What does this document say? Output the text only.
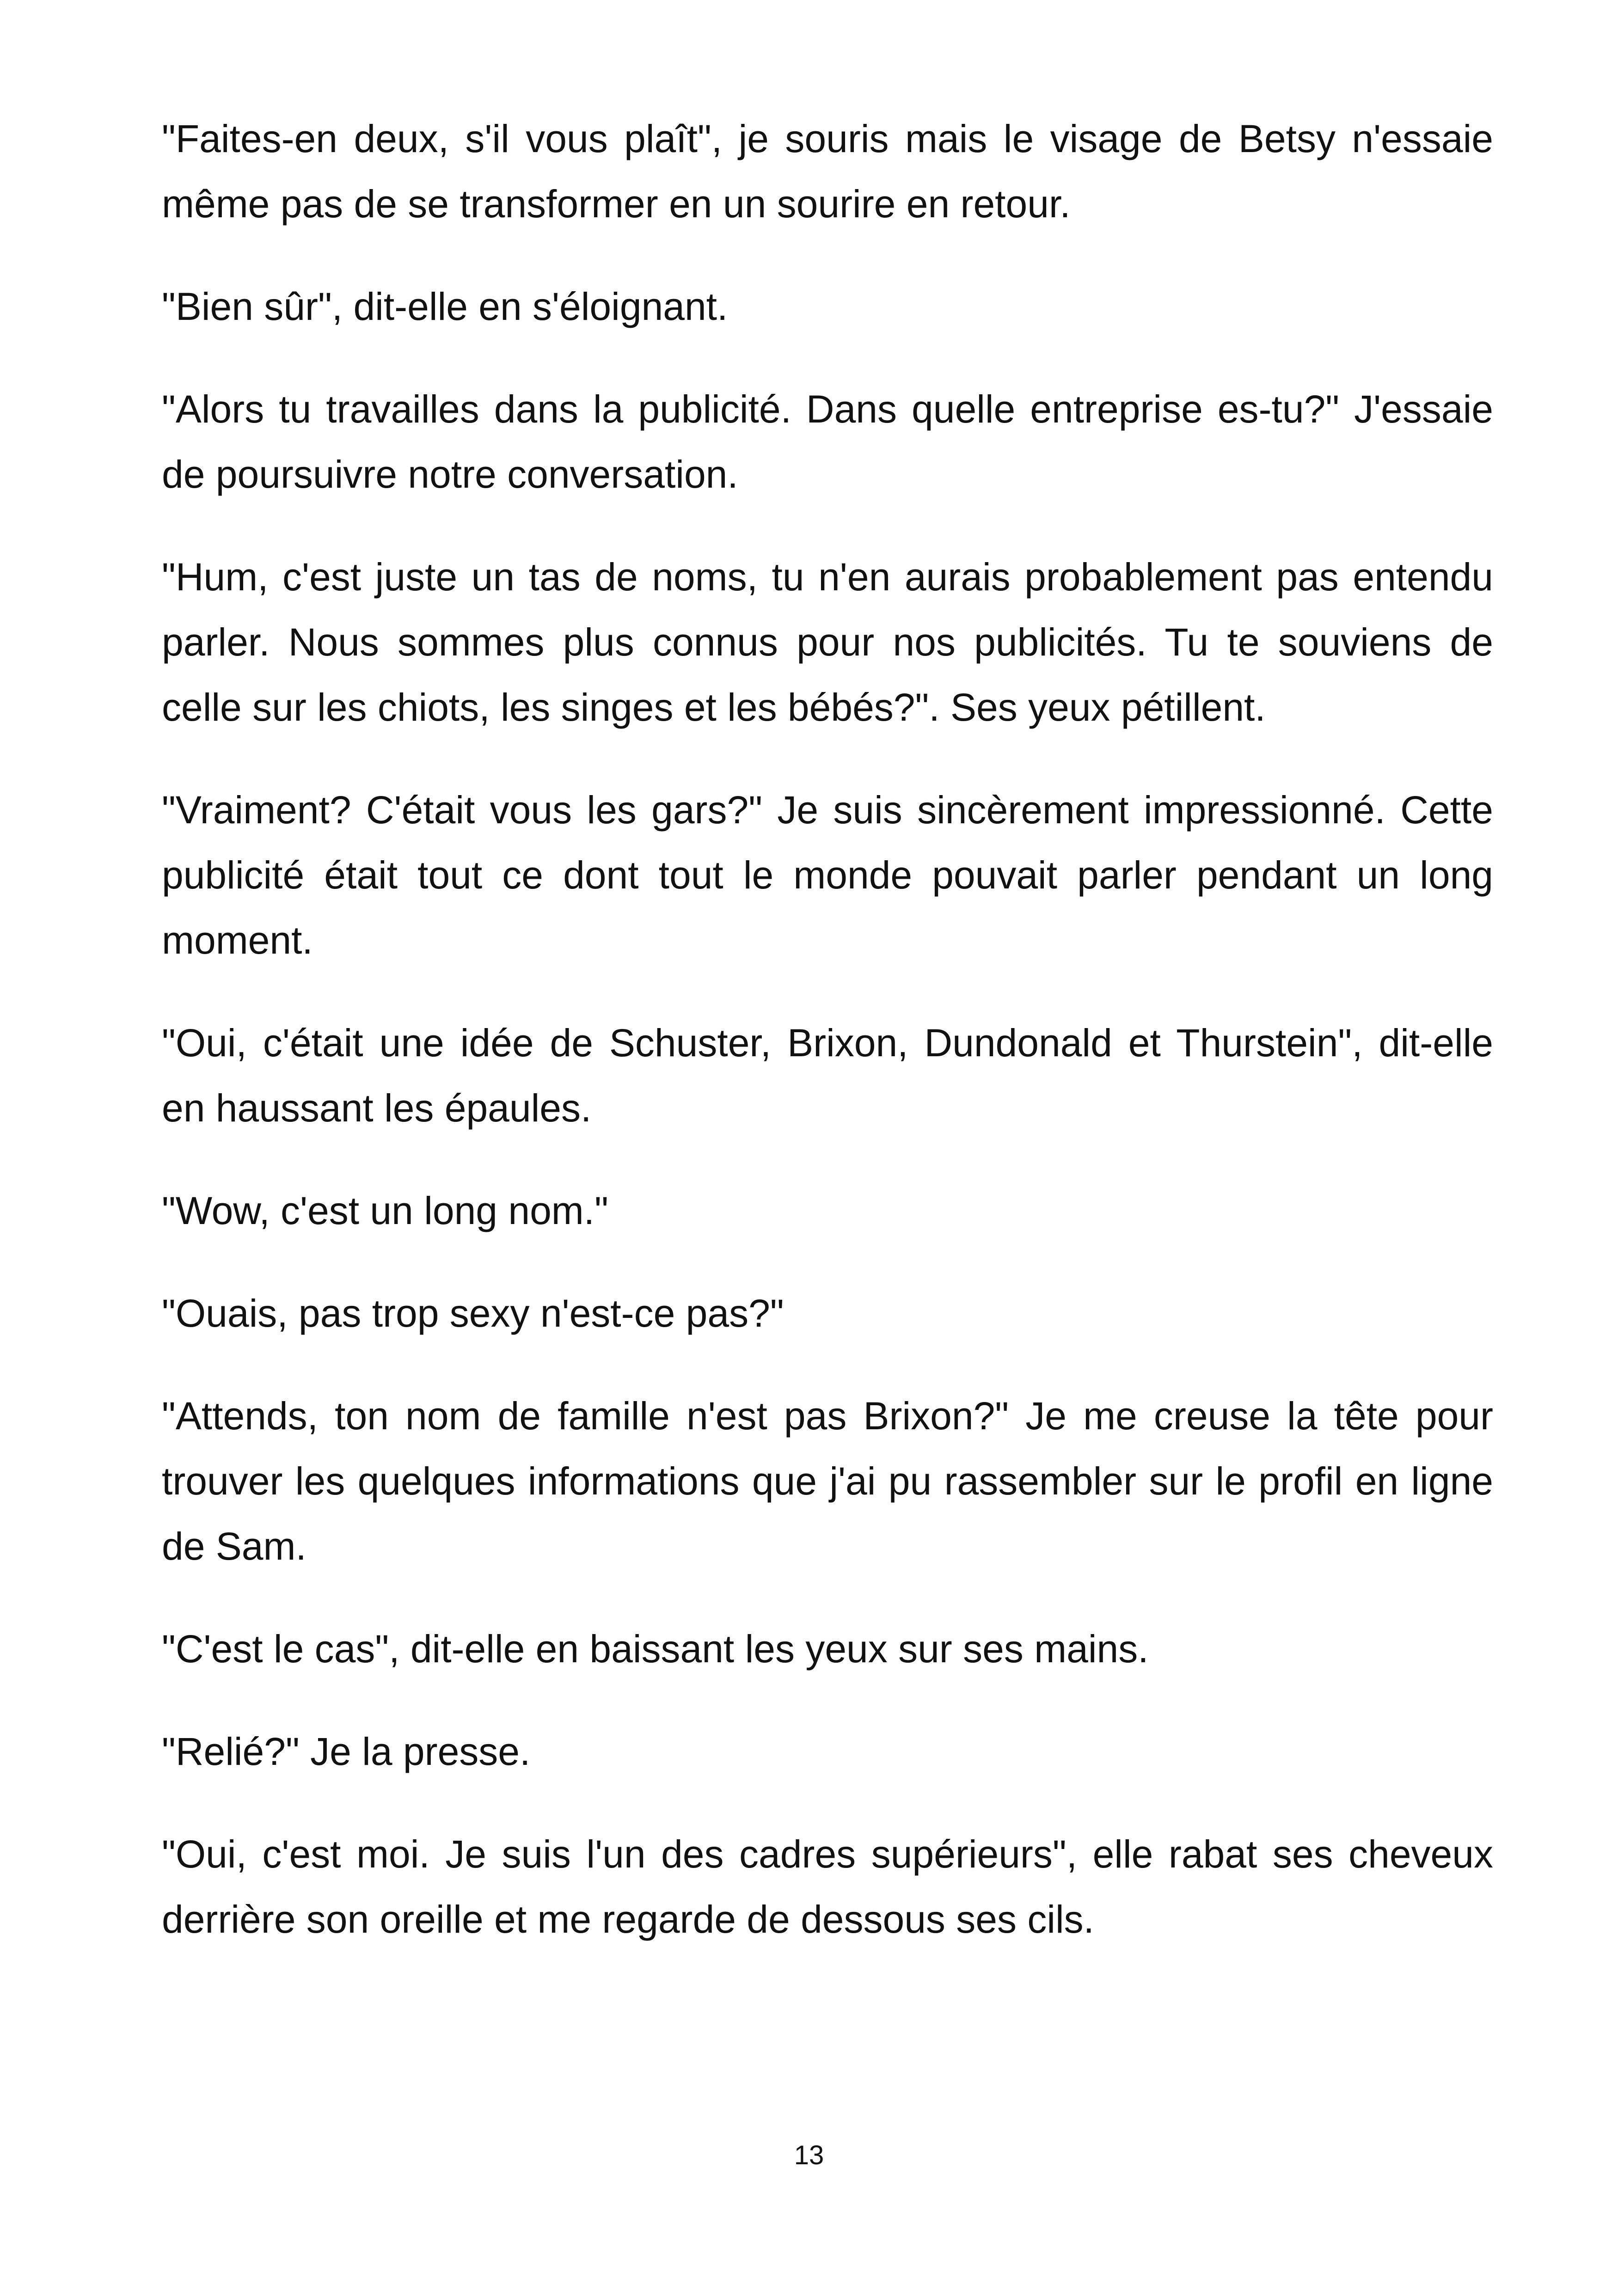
"Faites-en deux, s'il vous plaît", je souris mais le visage de Betsy n'essaie même pas de se transformer en un sourire en retour.

"Bien sûr", dit-elle en s'éloignant.

"Alors tu travailles dans la publicité. Dans quelle entreprise es-tu?" J'essaie de poursuivre notre conversation.

"Hum, c'est juste un tas de noms, tu n'en aurais probablement pas entendu parler. Nous sommes plus connus pour nos publicités. Tu te souviens de celle sur les chiots, les singes et les bébés?". Ses yeux pétillent.

"Vraiment? C'était vous les gars?" Je suis sincèrement impressionné. Cette publicité était tout ce dont tout le monde pouvait parler pendant un long moment.

"Oui, c'était une idée de Schuster, Brixon, Dundonald et Thurstein", dit-elle en haussant les épaules.

"Wow, c'est un long nom."

"Ouais, pas trop sexy n'est-ce pas?"

"Attends, ton nom de famille n'est pas Brixon?" Je me creuse la tête pour trouver les quelques informations que j'ai pu rassembler sur le profil en ligne de Sam.

"C'est le cas", dit-elle en baissant les yeux sur ses mains.

"Relié?" Je la presse.

"Oui, c'est moi. Je suis l'un des cadres supérieurs", elle rabat ses cheveux derrière son oreille et me regarde de dessous ses cils.

13
